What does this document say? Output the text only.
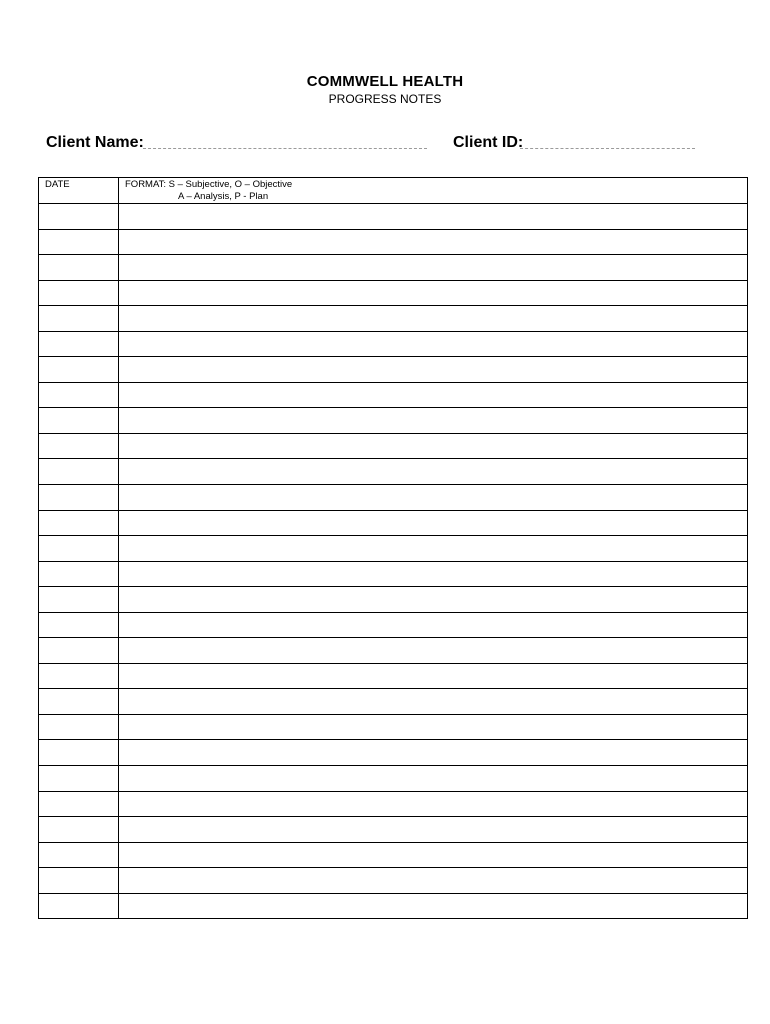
COMMWELL HEALTH
PROGRESS NOTES
Client Name:	Client ID:
DATE	FORMAT: S – Subjective, O – Objective
A – Analysis, P - Plan
